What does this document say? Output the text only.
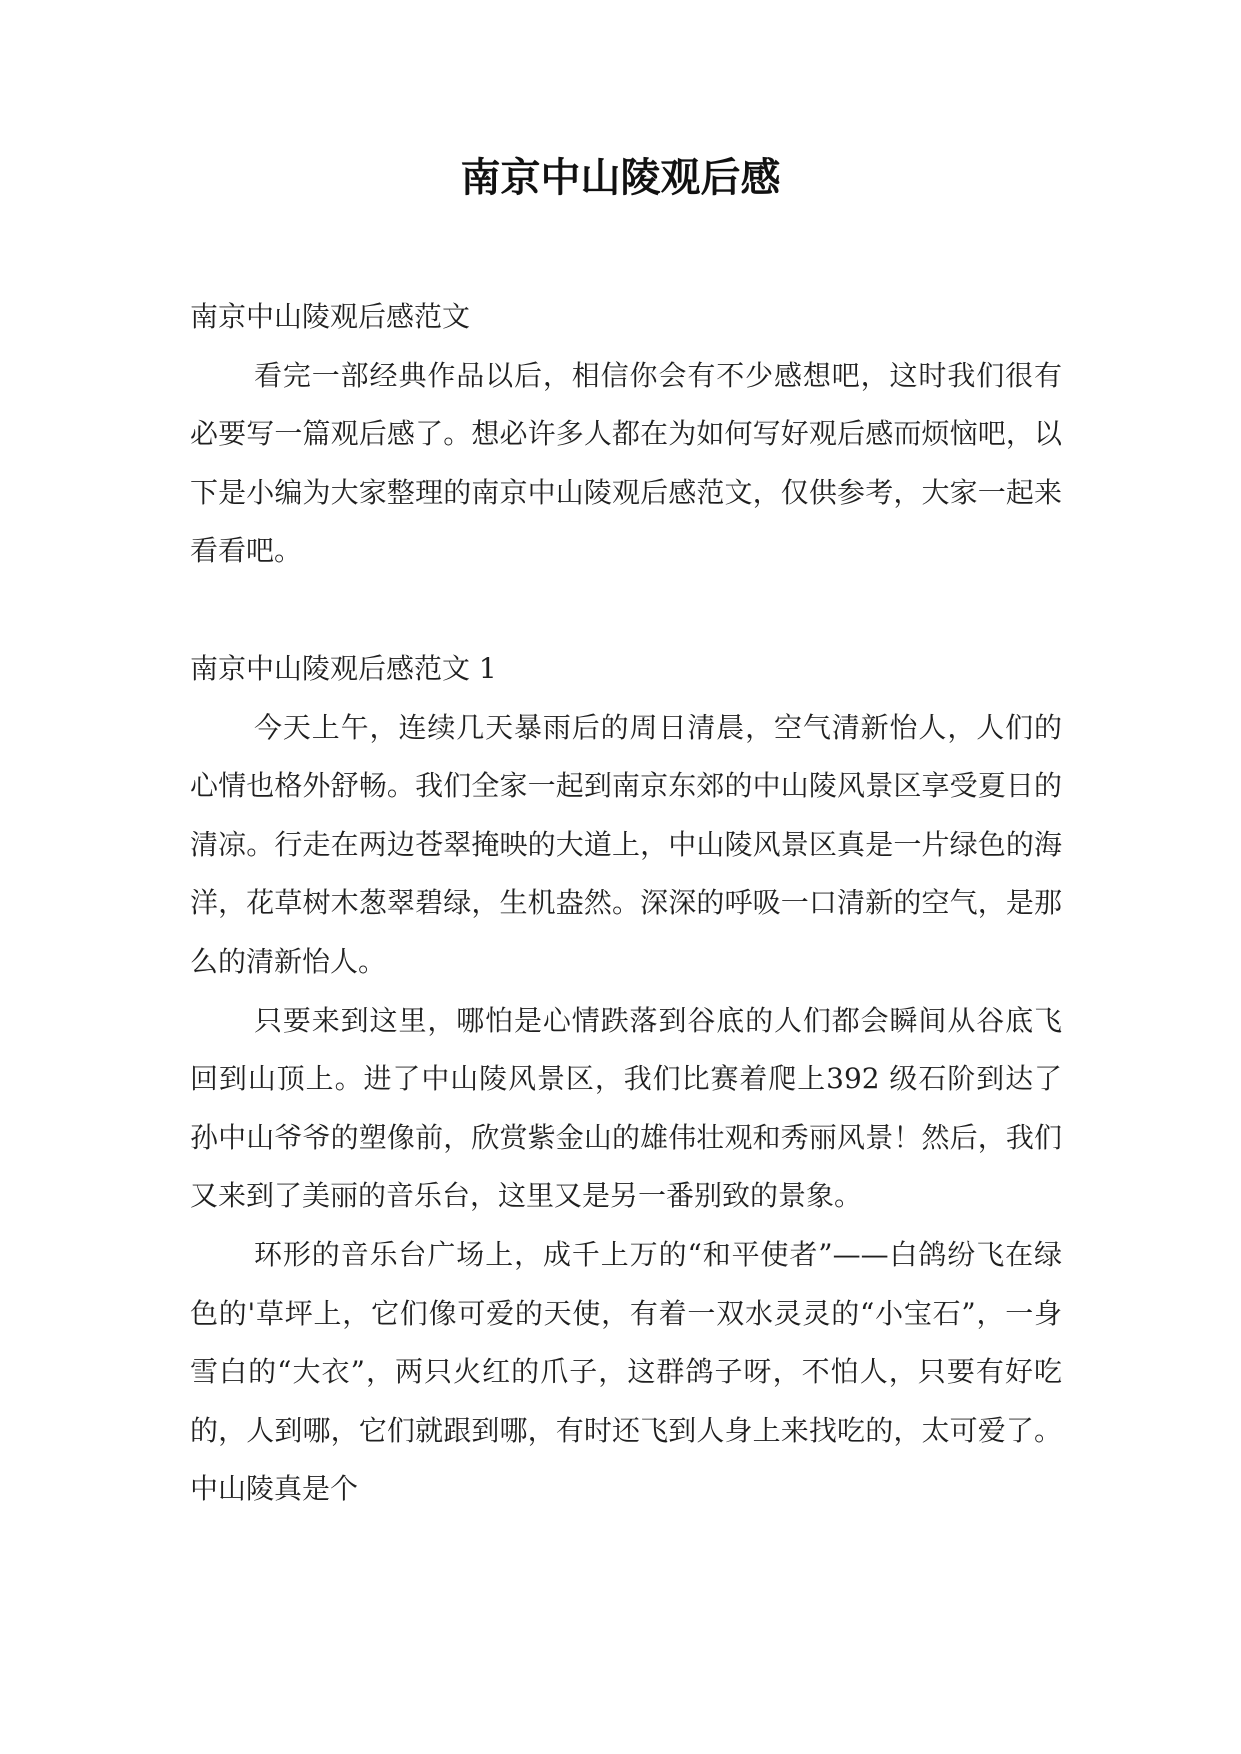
南京中山陵观后感

南京中山陵观后感范文

看完一部经典作品以后，相信你会有不少感想吧，这时我们很有必要写一篇观后感了。想必许多人都在为如何写好观后感而烦恼吧，以下是小编为大家整理的南京中山陵观后感范文，仅供参考，大家一起来看看吧。

南京中山陵观后感范文 1

今天上午，连续几天暴雨后的周日清晨，空气清新怡人，人们的心情也格外舒畅。我们全家一起到南京东郊的中山陵风景区享受夏日的清凉。行走在两边苍翠掩映的大道上，中山陵风景区真是一片绿色的海洋，花草树木葱翠碧绿，生机盎然。深深的呼吸一口清新的空气，是那么的清新怡人。

只要来到这里，哪怕是心情跌落到谷底的人们都会瞬间从谷底飞回到山顶上。进了中山陵风景区，我们比赛着爬上392 级石阶到达了孙中山爷爷的塑像前，欣赏紫金山的雄伟壮观和秀丽风景！然后，我们又来到了美丽的音乐台，这里又是另一番别致的景象。

环形的音乐台广场上，成千上万的“和平使者”——白鸽纷飞在绿色的'草坪上，它们像可爱的天使，有着一双水灵灵的“小宝石”，一身雪白的“大衣”，两只火红的爪子，这群鸽子呀，不怕人，只要有好吃的，人到哪，它们就跟到哪，有时还飞到人身上来找吃的，太可爱了。中山陵真是个
